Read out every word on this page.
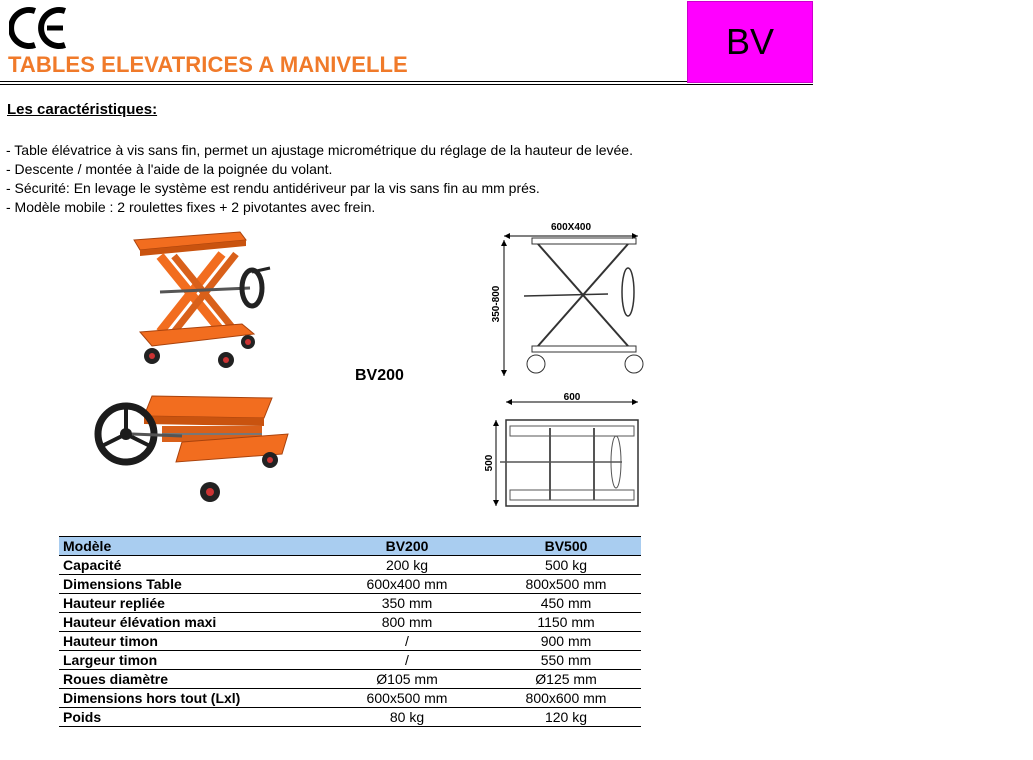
TABLES ELEVATRICES A MANIVELLE
BV
Les caractéristiques:
- Table élévatrice à vis sans fin, permet un ajustage micrométrique du réglage de la hauteur de levée.
- Descente / montée à l'aide de la poignée du volant.
- Sécurité: En levage le système est rendu antidériveur par la vis sans fin au mm prés.
- Modèle mobile : 2 roulettes fixes + 2 pivotantes avec frein.
BV200
600X400
350-800
600
500
Modèle	BV200	BV500
Capacité	200 kg	500 kg
Dimensions Table	600x400 mm	800x500 mm
Hauteur repliée	350 mm	450 mm
Hauteur élévation maxi	800 mm	1150 mm
Hauteur timon	/	900 mm
Largeur timon	/	550 mm
Roues diamètre	Ø105 mm	Ø125 mm
Dimensions hors tout (Lxl)	600x500 mm	800x600 mm
Poids	80 kg	120 kg
